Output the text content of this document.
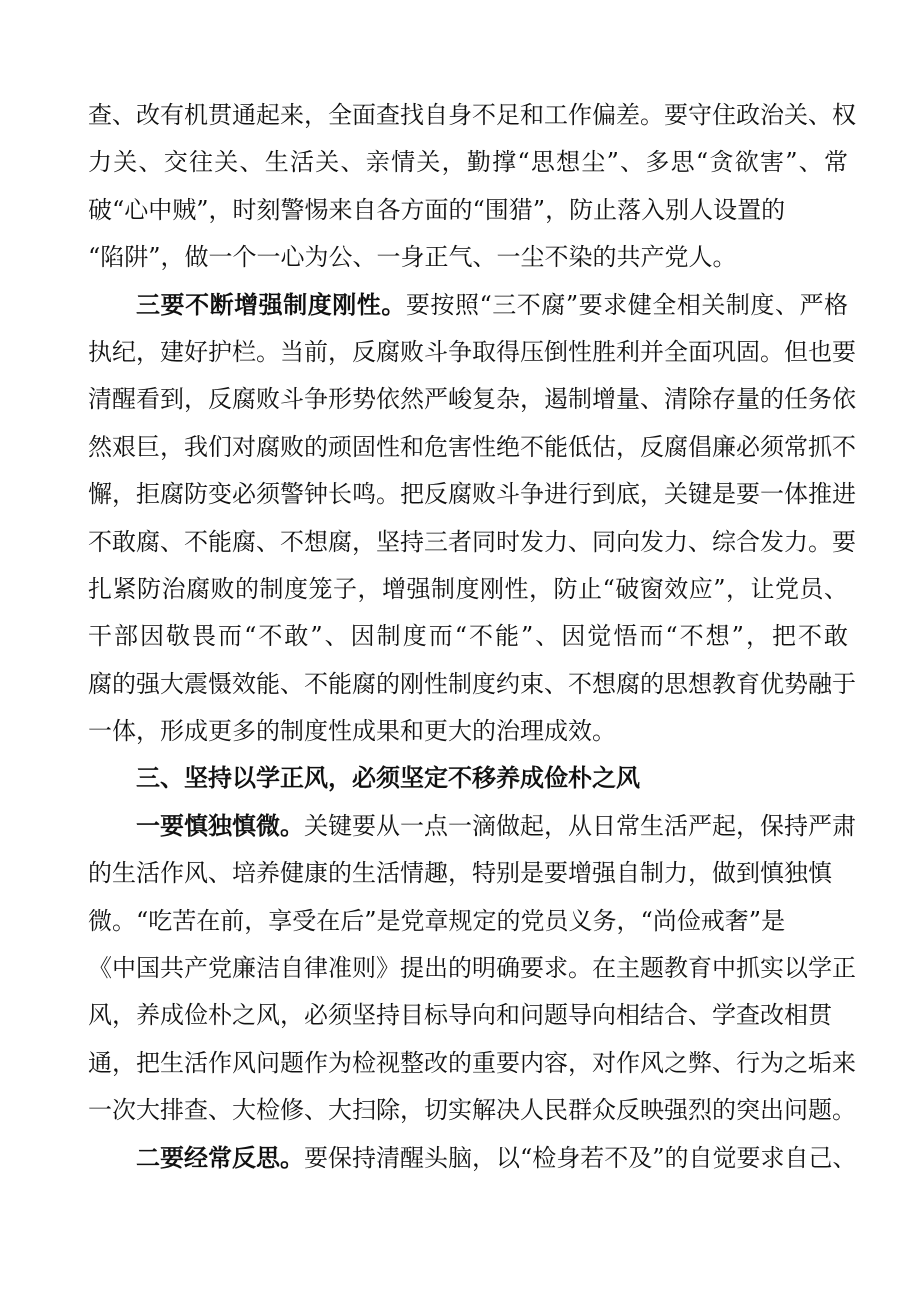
查、改有机贯通起来，全面查找自身不足和工作偏差。要守住政治关、权
力关、交往关、生活关、亲情关，勤撑“思想尘”、多思“贪欲害”、常
破“心中贼”，时刻警惕来自各方面的“围猎”，防止落入别人设置的
“陷阱”，做一个一心为公、一身正气、一尘不染的共产党人。
三要不断增强制度刚性。要按照“三不腐”要求健全相关制度、严格
执纪，建好护栏。当前，反腐败斗争取得压倒性胜利并全面巩固。但也要
清醒看到，反腐败斗争形势依然严峻复杂，遏制增量、清除存量的任务依
然艰巨，我们对腐败的顽固性和危害性绝不能低估，反腐倡廉必须常抓不
懈，拒腐防变必须警钟长鸣。把反腐败斗争进行到底，关键是要一体推进
不敢腐、不能腐、不想腐，坚持三者同时发力、同向发力、综合发力。要
扎紧防治腐败的制度笼子，增强制度刚性，防止“破窗效应”，让党员、
干部因敬畏而“不敢”、因制度而“不能”、因觉悟而“不想”，把不敢
腐的强大震慑效能、不能腐的刚性制度约束、不想腐的思想教育优势融于
一体，形成更多的制度性成果和更大的治理成效。
三、坚持以学正风，必须坚定不移养成俭朴之风
一要慎独慎微。关键要从一点一滴做起，从日常生活严起，保持严肃
的生活作风、培养健康的生活情趣，特别是要增强自制力，做到慎独慎
微。“吃苦在前，享受在后”是党章规定的党员义务，“尚俭戒奢”是
《中国共产党廉洁自律准则》提出的明确要求。在主题教育中抓实以学正
风，养成俭朴之风，必须坚持目标导向和问题导向相结合、学查改相贯
通，把生活作风问题作为检视整改的重要内容，对作风之弊、行为之垢来
一次大排查、大检修、大扫除，切实解决人民群众反映强烈的突出问题。
二要经常反思。要保持清醒头脑，以“检身若不及”的自觉要求自己、
